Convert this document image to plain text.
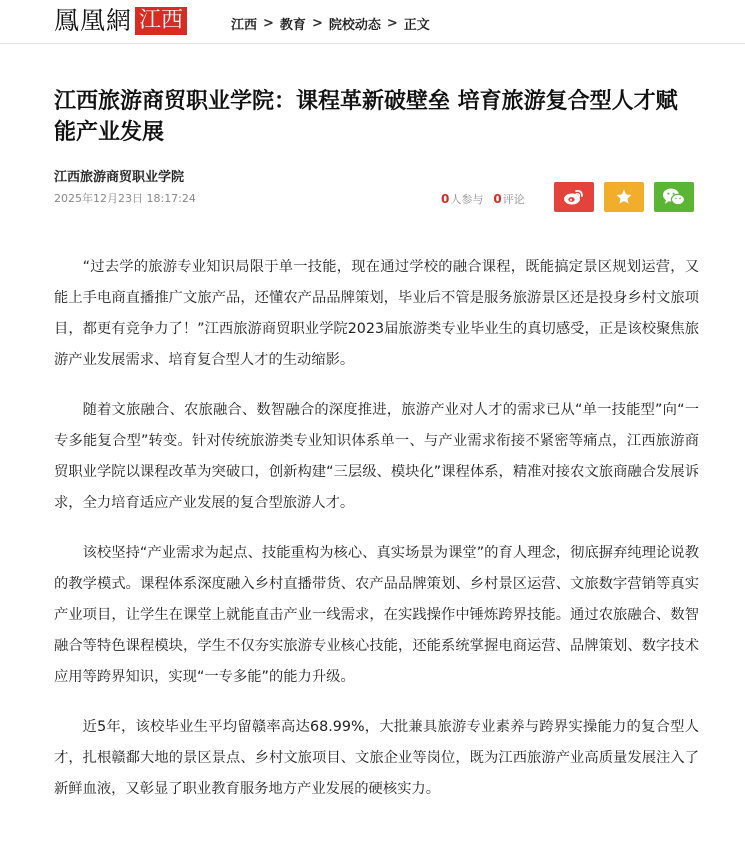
鳳凰網 江西	江西 > 教育 > 院校动态 > 正文
江西旅游商贸职业学院：课程革新破壁垒 培育旅游复合型人才赋能产业发展
江西旅游商贸职业学院
2025年12月23日 18:17:24	0人参与 0评论

“过去学的旅游专业知识局限于单一技能，现在通过学校的融合课程，既能搞定景区规划运营，又能上手电商直播推广文旅产品，还懂农产品品牌策划，毕业后不管是服务旅游景区还是投身乡村文旅项目，都更有竞争力了！”江西旅游商贸职业学院2023届旅游类专业毕业生的真切感受，正是该校聚焦旅游产业发展需求、培育复合型人才的生动缩影。

随着文旅融合、农旅融合、数智融合的深度推进，旅游产业对人才的需求已从“单一技能型”向“一专多能复合型”转变。针对传统旅游类专业知识体系单一、与产业需求衔接不紧密等痛点，江西旅游商贸职业学院以课程改革为突破口，创新构建“三层级、模块化”课程体系，精准对接农文旅商融合发展诉求，全力培育适应产业发展的复合型旅游人才。

该校坚持“产业需求为起点、技能重构为核心、真实场景为课堂”的育人理念，彻底摒弃纯理论说教的教学模式。课程体系深度融入乡村直播带货、农产品品牌策划、乡村景区运营、文旅数字营销等真实产业项目，让学生在课堂上就能直击产业一线需求，在实践操作中锤炼跨界技能。通过农旅融合、数智融合等特色课程模块，学生不仅夯实旅游专业核心技能，还能系统掌握电商运营、品牌策划、数字技术应用等跨界知识，实现“一专多能”的能力升级。

近5年，该校毕业生平均留赣率高达68.99%，大批兼具旅游专业素养与跨界实操能力的复合型人才，扎根赣鄱大地的景区景点、乡村文旅项目、文旅企业等岗位，既为江西旅游产业高质量发展注入了新鲜血液，又彰显了职业教育服务地方产业发展的硬核实力。
